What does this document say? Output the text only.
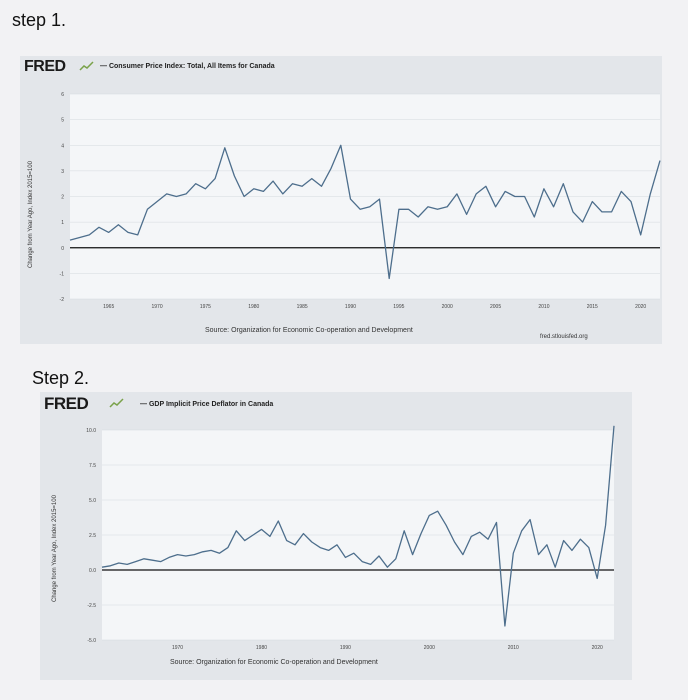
step 1.
FRED	— Consumer Price Index: Total, All Items for Canada
Change from Year Ago, Index 2015=100
-2
-1
0
1
2
3
4
5
6
1965	1970	1975	1980	1985	1990	1995	2000	2005	2010	2015	2020
Source: Organization for Economic Co-operation and Development
fred.stlouisfed.org
Step 2.
FRED	— GDP Implicit Price Deflator in Canada
Change from Year Ago, Index 2015=100
-5.0
-2.5
0.0
2.5
5.0
7.5
10.0
1970	1980	1990	2000	2010	2020
Source: Organization for Economic Co-operation and Development
